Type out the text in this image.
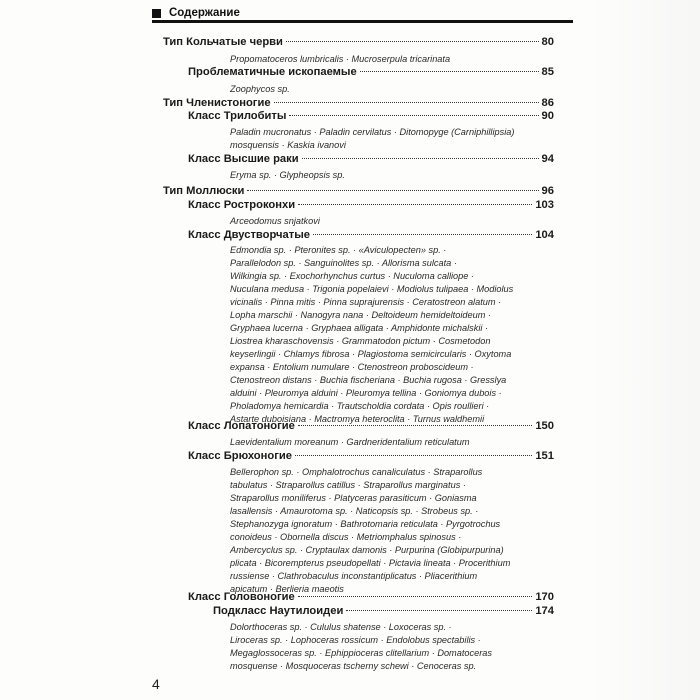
Содержание
Тип Кольчатые черви	80
Propomatoceros lumbricalis · Mucroserpula tricarinata
Проблематичные ископаемые	85
Zoophycos sp.
Тип Членистоногие	86
Класс Трилобиты	90
Paladin mucronatus · Paladin cervilatus · Ditomopyge (Carniphillipsia)
mosquensis · Kaskia ivanovi
Класс Высшие раки	94
Eryma sp. · Glypheopsis sp.
Тип Моллюски	96
Класс Ростроконхи	103
Arceodomus snjatkovi
Класс Двустворчатые	104
Edmondia sp. · Pteronites sp. · «Aviculopecten» sp. ·
Parallelodon sp. · Sanguinolites sp. · Allorisma sulcata ·
Wilkingia sp. · Exochorhynchus curtus · Nuculoma calliope ·
Nuculana medusa · Trigonia popelaievi · Modiolus tulipaea · Modiolus
vicinalis · Pinna mitis · Pinna suprajurensis · Ceratostreon alatum ·
Lopha marschii · Nanogyra nana · Deltoideum hemideltoideum ·
Gryphaea lucerna · Gryphaea alligata · Amphidonte michalskii ·
Liostrea kharaschovensis · Grammatodon pictum · Cosmetodon
keyserlingii · Chlamys fibrosa · Plagiostoma semicircularis · Oxytoma
expansa · Entolium numulare · Ctenostreon proboscideum ·
Ctenostreon distans · Buchia fischeriana · Buchia rugosa · Gresslya
alduini · Pleuromya alduini · Pleuromya tellina · Goniomya dubois ·
Pholadomya hemicardia · Trautscholdia cordata · Opis roullieri ·
Astarte duboisiana · Mactromya heteroclita · Turnus waldhemii
Класс Лопатоногие	150
Laevidentalium moreanum · Gardneridentalium reticulatum
Класс Брюхоногие	151
Bellerophon sp. · Omphalotrochus canaliculatus · Straparollus
tabulatus · Straparollus catillus · Straparollus marginatus ·
Straparollus moniliferus · Platyceras parasiticum · Goniasma
lasallensis · Amaurotoma sp. · Naticopsis sp. · Strobeus sp. ·
Stephanozyga ignoratum · Bathrotomaria reticulata · Pyrgotrochus
conoideus · Obornella discus · Metriomphalus spinosus ·
Ambercyclus sp. · Cryptaulax damonis · Purpurina (Globipurpurina)
plicata · Bicorempterus pseudopellati · Pictavia lineata · Procerithium
russiense · Clathrobaculus inconstantiplicatus · Pliacerithium
apicatum · Berlieria maeotis
Класс Головоногие	170
Подкласс Наутилоидеи	174
Dolorthoceras sp. · Cululus shatense · Loxoceras sp. ·
Liroceras sp. · Lophoceras rossicum · Endolobus spectabilis ·
Megaglossoceras sp. · Ephippioceras clitellarium · Domatoceras
mosquense · Mosquoceras tscherny schewi · Cenoceras sp.
4
